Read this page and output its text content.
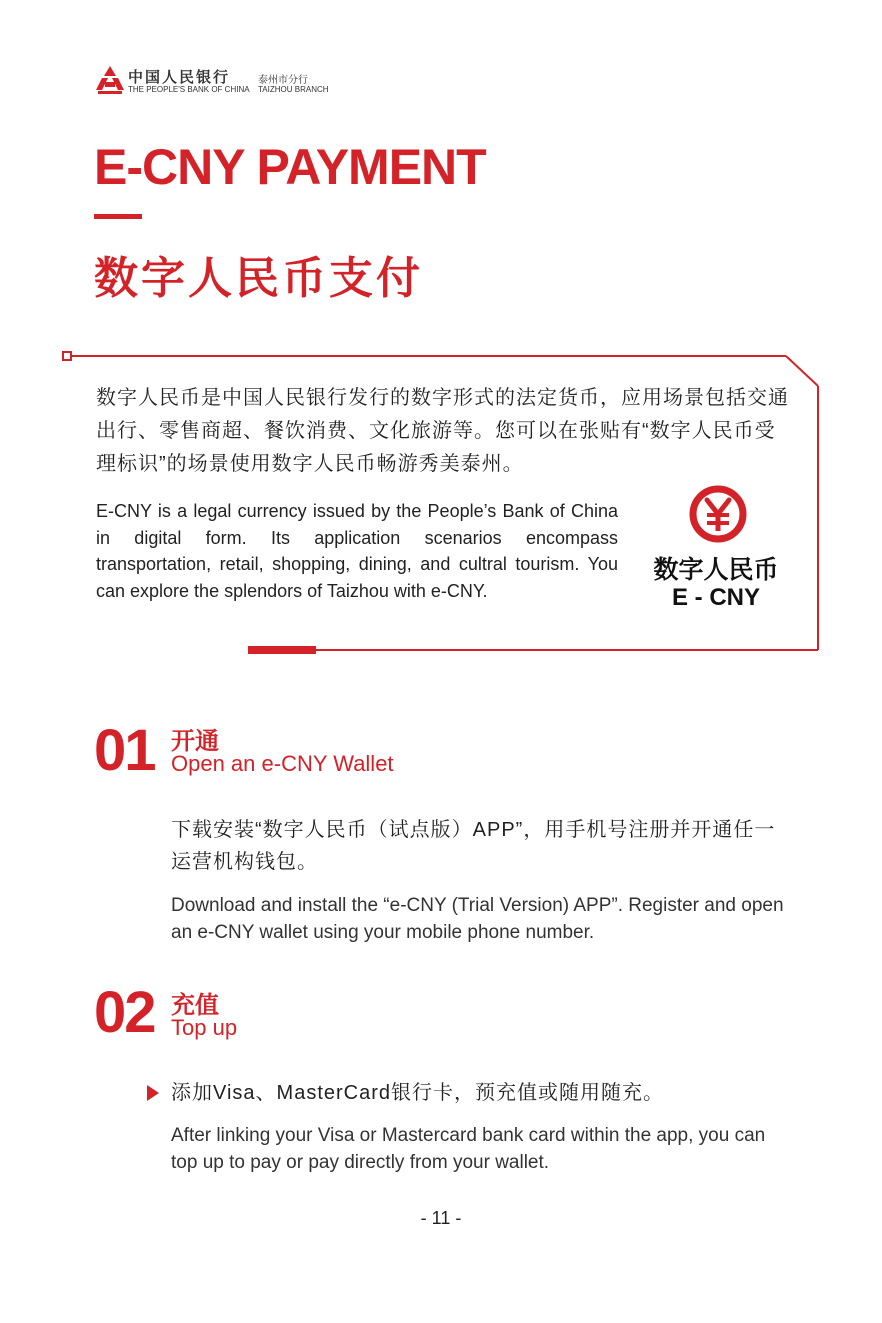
中国人民银行
THE PEOPLE'S BANK OF CHINA
泰州市分行
TAIZHOU BRANCH
E-CNY PAYMENT
数字人民币支付
数字人民币是中国人民银行发行的数字形式的法定货币，应用场景包括交通出行、零售商超、餐饮消费、文化旅游等。您可以在张贴有“数字人民币受理标识”的场景使用数字人民币畅游秀美泰州。
E-CNY is a legal currency issued by the People’s Bank of China in digital form. Its application scenarios encompass transportation, retail, shopping, dining, and cultral tourism. You can explore the splendors of Taizhou with e-CNY.
数字人民币
E - CNY
01 开通
Open an e-CNY Wallet
下载安装“数字人民币（试点版）APP”，用手机号注册并开通任一运营机构钱包。
Download and install the “e-CNY (Trial Version) APP”. Register and open an e-CNY wallet using your mobile phone number.
02 充值
Top up
添加Visa、MasterCard银行卡，预充值或随用随充。
After linking your Visa or Mastercard bank card within the app, you can top up to pay or pay directly from your wallet.
- 11 -
